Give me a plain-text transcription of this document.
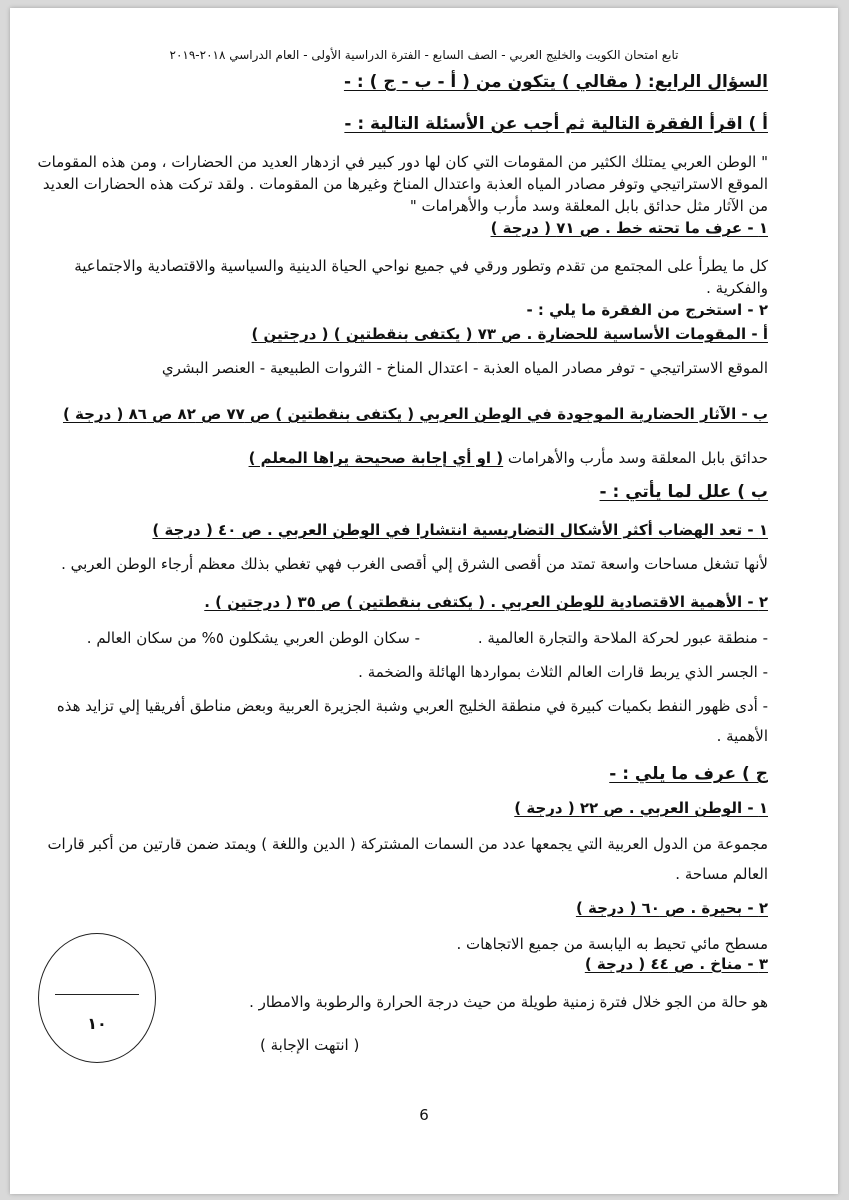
تابع امتحان الكويت والخليج العربي - الصف السابع - الفترة الدراسية الأولى - العام الدراسي ٢٠١٨-٢٠١٩
السؤال الرابع: ( مقالي ) يتكون من ( أ - ب - ج ) : -
أ ) اقرأ الفقرة التالية ثم أجب عن الأسئلة التالية : -
" الوطن العربي يمتلك الكثير من المقومات التي كان لها دور كبير في ازدهار العديد من الحضارات ، ومن هذه المقومات
الموقع الاستراتيجي وتوفر مصادر المياه العذبة واعتدال المناخ وغيرها من المقومات . ولقد تركت هذه الحضارات العديد
من الآثار مثل حدائق بابل المعلقة وسد مأرب والأهرامات "
١ - عرف ما تحته خط . ص ٧١ ( درجة )
كل ما يطرأ على المجتمع من تقدم وتطور ورقي في جميع نواحي الحياة الدينية والسياسية والاقتصادية والاجتماعية
والفكرية .
٢ - استخرج من الفقرة ما يلي : -
أ - المقومات الأساسية للحضارة . ص ٧٣ ( يكتفى بنقطتين ) ( درجتين )
الموقع الاستراتيجي - توفر مصادر المياه العذبة - اعتدال المناخ - الثروات الطبيعية - العنصر البشري
ب - الآثار الحضارية الموجودة في الوطن العربي ( يكتفى بنقطتين ) ص ٧٧ ص ٨٢ ص ٨٦ ( درجة )
حدائق بابل المعلقة وسد مأرب والأهرامات ( او أي إجابة صحيحة يراها المعلم )
ب ) علل لما يأتي : -
١ - تعد الهضاب أكثر الأشكال التضاريسية انتشارا في الوطن العربي . ص ٤٠ ( درجة )
لأنها تشغل مساحات واسعة تمتد من أقصى الشرق إلي أقصى الغرب فهي تغطي بذلك معظم أرجاء الوطن العربي .
٢ - الأهمية الاقتصادية للوطن العربي . ( يكتفى بنقطتين ) ص ٣٥ ( درجتين ) .
- منطقة عبور لحركة الملاحة والتجارة العالمية .
- سكان الوطن العربي يشكلون ٥% من سكان العالم .
- الجسر الذي يربط قارات العالم الثلاث بمواردها الهائلة والضخمة .
- أدى ظهور النفط بكميات كبيرة في منطقة الخليج العربي وشبة الجزيرة العربية وبعض مناطق أفريقيا إلي تزايد هذه
الأهمية .
ج ) عرف ما يلي : -
١ - الوطن العربي . ص ٢٢ ( درجة )
مجموعة من الدول العربية التي يجمعها عدد من السمات المشتركة ( الدين واللغة ) ويمتد ضمن قارتين من أكبر قارات
العالم مساحة .
٢ - بحيرة . ص ٦٠ ( درجة )
مسطح مائي تحيط به اليابسة من جميع الاتجاهات .
٣ - مناخ . ص ٤٤ ( درجة )
هو حالة من الجو خلال فترة زمنية طويلة من حيث درجة الحرارة والرطوبة والامطار .
١٠
( انتهت الإجابة )
6
